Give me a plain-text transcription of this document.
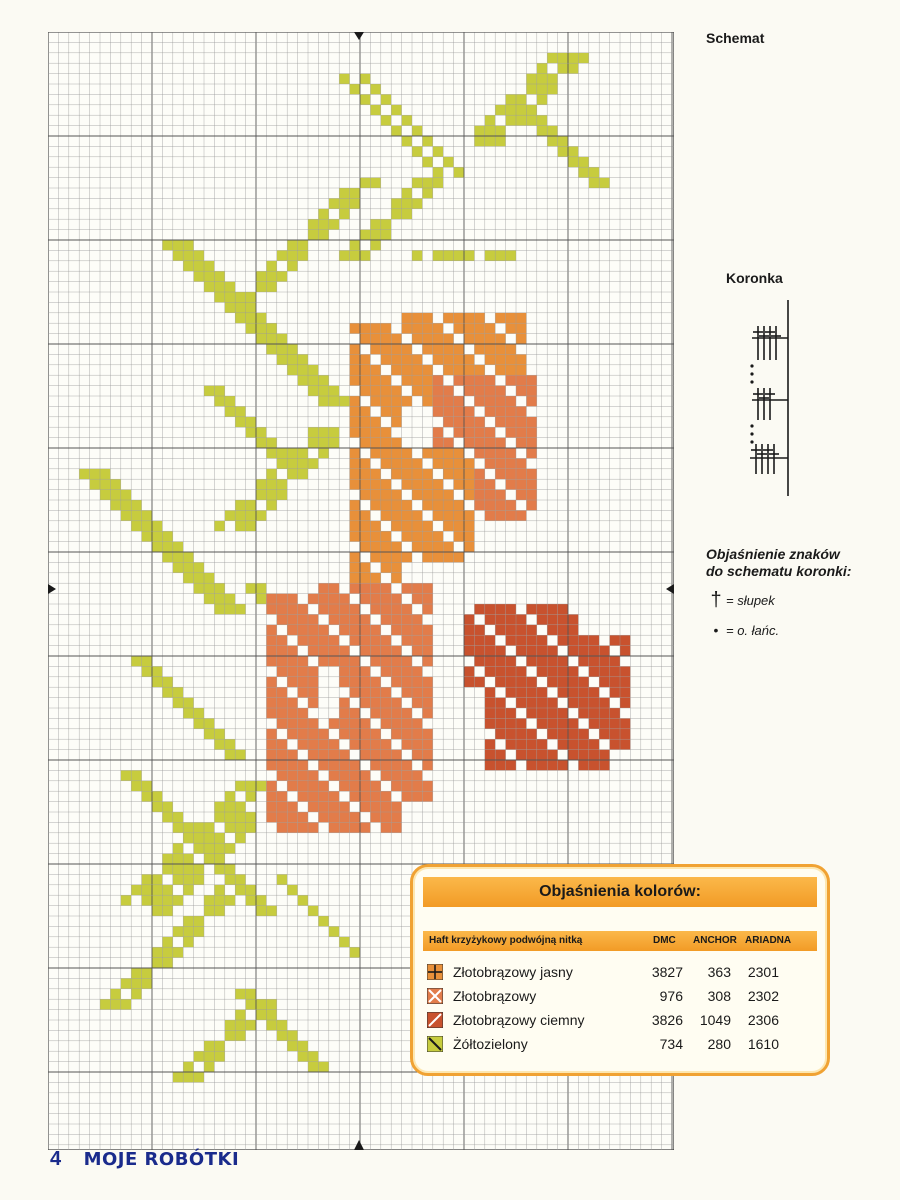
Schemat
Koronka
Objaśnienie znaków
do schematu koronki:
† = słupek
• = o. łańc.
Objaśnienia kolorów:
Haft krzyżykowy podwójną nitką	DMC ANCHOR ARIADNA
Złotobrązowy jasny	3827	363	2301
Złotobrązowy	976	308	2302
Złotobrązowy ciemny	3826	1049	2306
Żółtozielony	734	280	1610
4 MOJE ROBÓTKI
